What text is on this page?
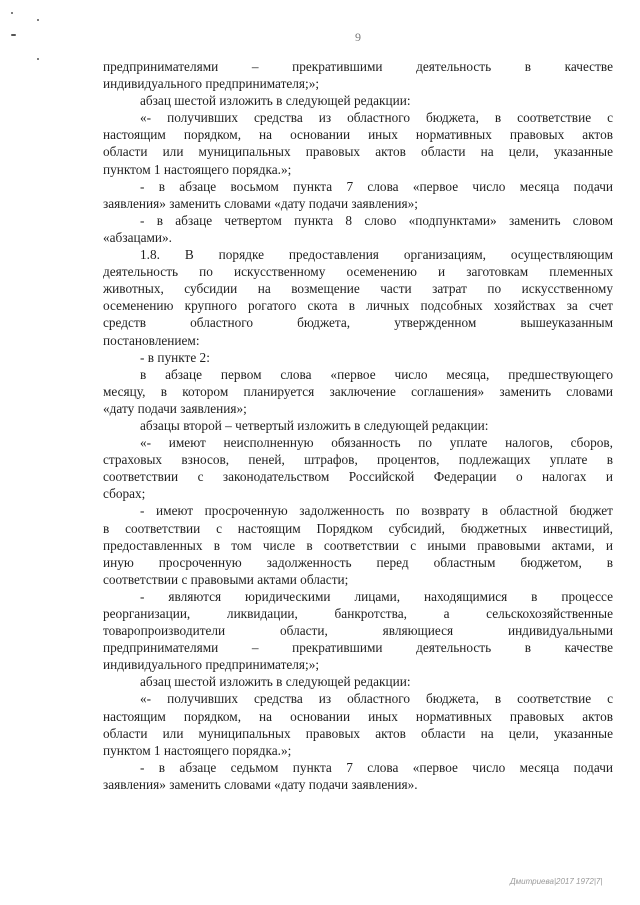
9

предпринимателями – прекратившими деятельность в качестве
индивидуального предпринимателя;»;

абзац шестой изложить в следующей редакции:

«- получивших средства из областного бюджета, в соответствие с
настоящим порядком, на основании иных нормативных правовых актов
области или муниципальных правовых актов области на цели, указанные
пунктом 1 настоящего порядка.»;

- в абзаце восьмом пункта 7 слова «первое число месяца подачи
заявления» заменить словами «дату подачи заявления»;

- в абзаце четвертом пункта 8 слово «подпунктами» заменить словом
«абзацами».

1.8. В порядке предоставления организациям, осуществляющим
деятельность по искусственному осеменению и заготовкам племенных
животных, субсидии на возмещение части затрат по искусственному
осеменению крупного рогатого скота в личных подсобных хозяйствах за счет
средств областного бюджета, утвержденном вышеуказанным
постановлением:

- в пункте 2:

в абзаце первом слова «первое число месяца, предшествующего
месяцу, в котором планируется заключение соглашения» заменить словами
«дату подачи заявления»;

абзацы второй – четвертый изложить в следующей редакции:

«- имеют неисполненную обязанность по уплате налогов, сборов,
страховых взносов, пеней, штрафов, процентов, подлежащих уплате в
соответствии с законодательством Российской Федерации о налогах и
сборах;

- имеют просроченную задолженность по возврату в областной бюджет
в соответствии с настоящим Порядком субсидий, бюджетных инвестиций,
предоставленных в том числе в соответствии с иными правовыми актами, и
иную просроченную задолженность перед областным бюджетом, в
соответствии с правовыми актами области;

- являются юридическими лицами, находящимися в процессе
реорганизации, ликвидации, банкротства, а сельскохозяйственные
товаропроизводители области, являющиеся индивидуальными
предпринимателями – прекратившими деятельность в качестве
индивидуального предпринимателя;»;

абзац шестой изложить в следующей редакции:

«- получивших средства из областного бюджета, в соответствие с
настоящим порядком, на основании иных нормативных правовых актов
области или муниципальных правовых актов области на цели, указанные
пунктом 1 настоящего порядка.»;

- в абзаце седьмом пункта 7 слова «первое число месяца подачи
заявления» заменить словами «дату подачи заявления».

Дмитриева|2017 1972|7|
